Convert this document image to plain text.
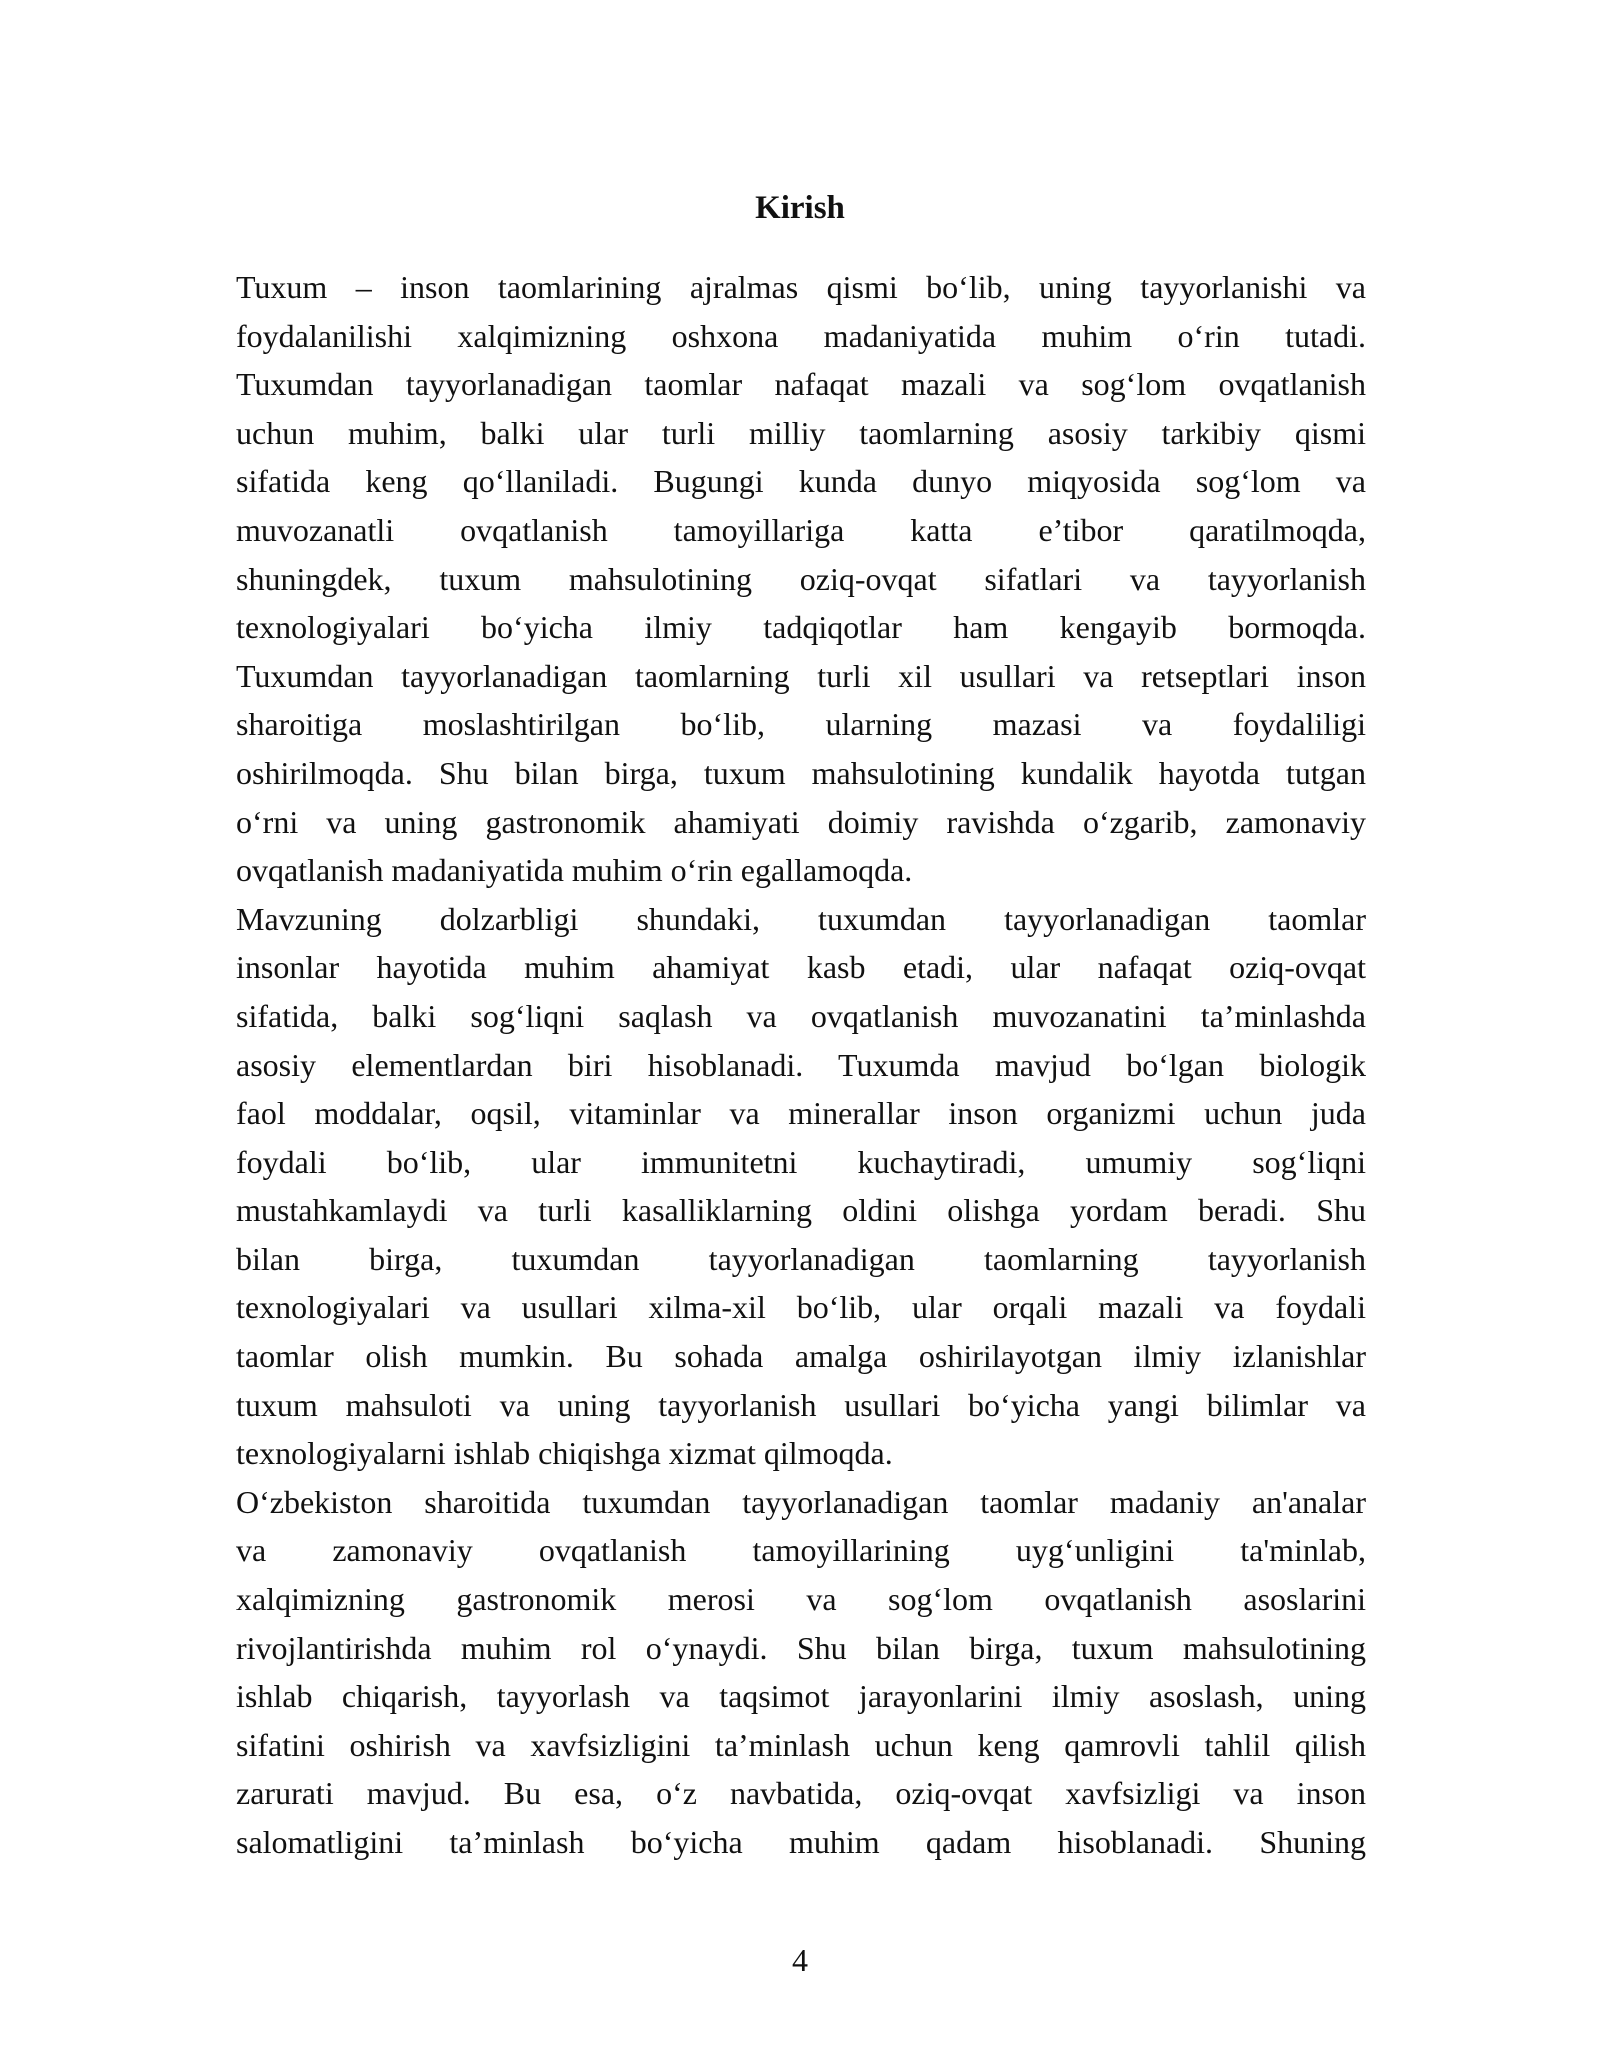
Kirish
Tuxum – inson taomlarining ajralmas qismi bo‘lib, uning tayyorlanishi va
foydalanilishi xalqimizning oshxona madaniyatida muhim o‘rin tutadi.
Tuxumdan tayyorlanadigan taomlar nafaqat mazali va sog‘lom ovqatlanish
uchun muhim, balki ular turli milliy taomlarning asosiy tarkibiy qismi
sifatida keng qo‘llaniladi. Bugungi kunda dunyo miqyosida sog‘lom va
muvozanatli ovqatlanish tamoyillariga katta e’tibor qaratilmoqda,
shuningdek, tuxum mahsulotining oziq-ovqat sifatlari va tayyorlanish
texnologiyalari bo‘yicha ilmiy tadqiqotlar ham kengayib bormoqda.
Tuxumdan tayyorlanadigan taomlarning turli xil usullari va retseptlari inson
sharoitiga moslashtirilgan bo‘lib, ularning mazasi va foydaliligi
oshirilmoqda. Shu bilan birga, tuxum mahsulotining kundalik hayotda tutgan
o‘rni va uning gastronomik ahamiyati doimiy ravishda o‘zgarib, zamonaviy
ovqatlanish madaniyatida muhim o‘rin egallamoqda.
Mavzuning dolzarbligi shundaki, tuxumdan tayyorlanadigan taomlar
insonlar hayotida muhim ahamiyat kasb etadi, ular nafaqat oziq-ovqat
sifatida, balki sog‘liqni saqlash va ovqatlanish muvozanatini ta’minlashda
asosiy elementlardan biri hisoblanadi. Tuxumda mavjud bo‘lgan biologik
faol moddalar, oqsil, vitaminlar va minerallar inson organizmi uchun juda
foydali bo‘lib, ular immunitetni kuchaytiradi, umumiy sog‘liqni
mustahkamlaydi va turli kasalliklarning oldini olishga yordam beradi. Shu
bilan birga, tuxumdan tayyorlanadigan taomlarning tayyorlanish
texnologiyalari va usullari xilma-xil bo‘lib, ular orqali mazali va foydali
taomlar olish mumkin. Bu sohada amalga oshirilayotgan ilmiy izlanishlar
tuxum mahsuloti va uning tayyorlanish usullari bo‘yicha yangi bilimlar va
texnologiyalarni ishlab chiqishga xizmat qilmoqda.
O‘zbekiston sharoitida tuxumdan tayyorlanadigan taomlar madaniy an'analar
va zamonaviy ovqatlanish tamoyillarining uyg‘unligini ta'minlab,
xalqimizning gastronomik merosi va sog‘lom ovqatlanish asoslarini
rivojlantirishda muhim rol o‘ynaydi. Shu bilan birga, tuxum mahsulotining
ishlab chiqarish, tayyorlash va taqsimot jarayonlarini ilmiy asoslash, uning
sifatini oshirish va xavfsizligini ta’minlash uchun keng qamrovli tahlil qilish
zarurati mavjud. Bu esa, o‘z navbatida, oziq-ovqat xavfsizligi va inson
salomatligini ta’minlash bo‘yicha muhim qadam hisoblanadi. Shuning
4
